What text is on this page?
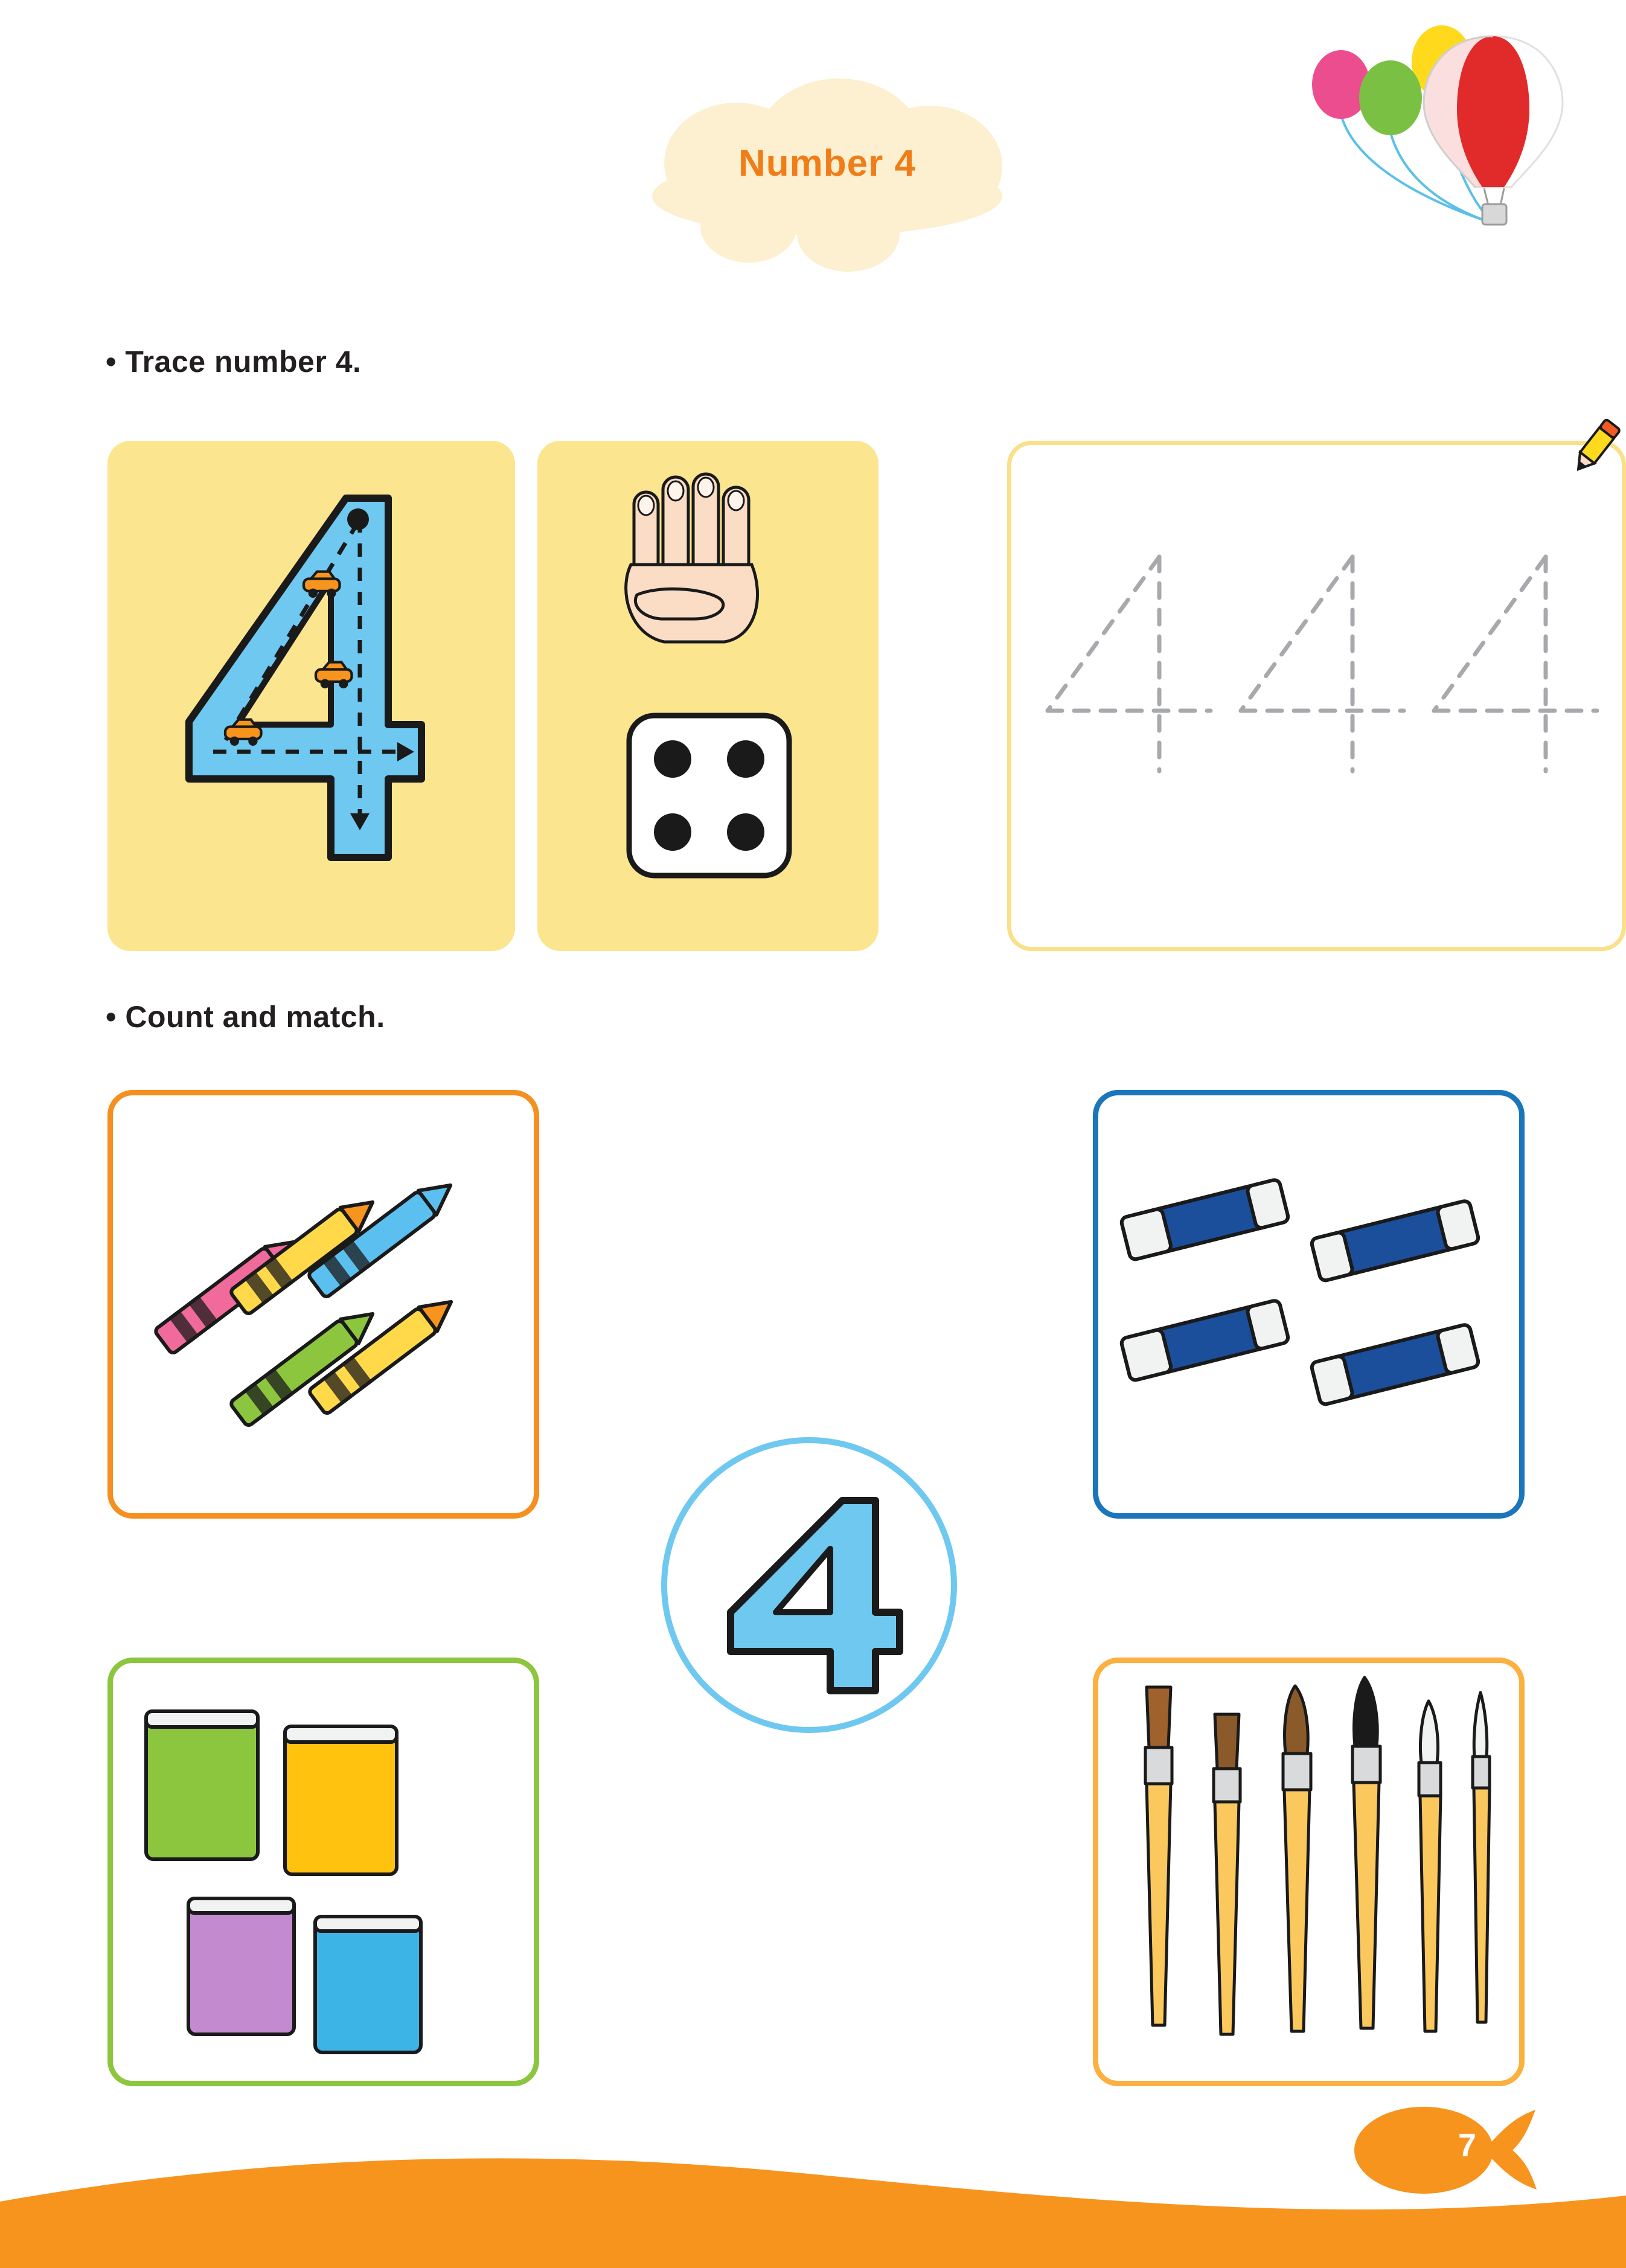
Number 4
• Trace number 4.
• Count and match.
7
